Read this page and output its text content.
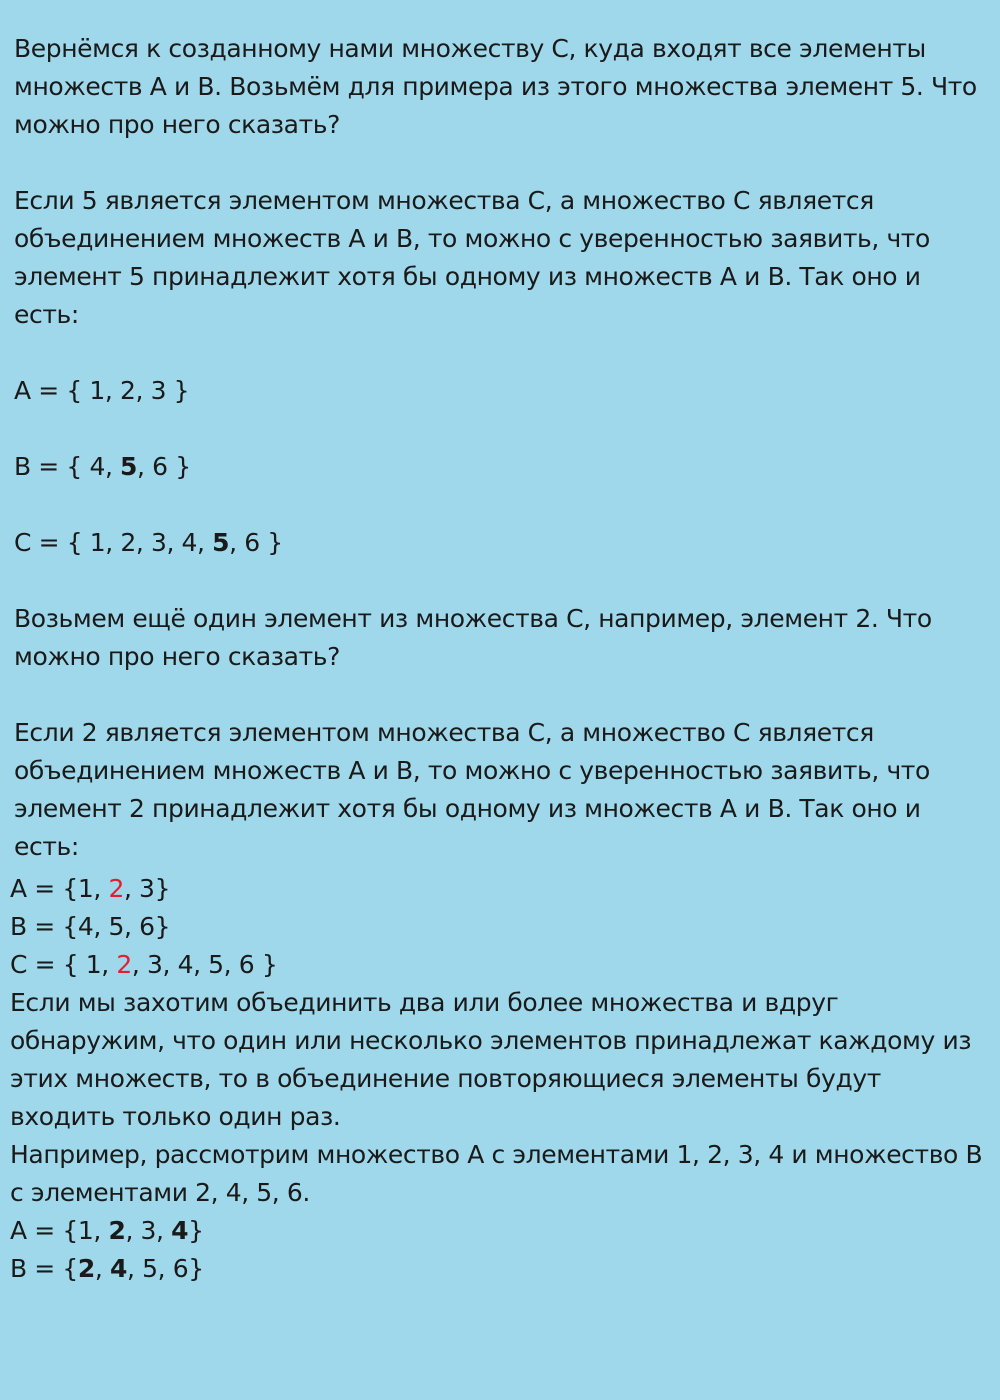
Вернёмся к созданному нами множеству С, куда входят все элементы множеств А и В. Возьмём для примера из этого множества элемент 5. Что можно про него сказать?

Если 5 является элементом множества С, а множество С является объединением множеств А и В, то можно с уверенностью заявить, что элемент 5 принадлежит хотя бы одному из множеств А и В. Так оно и есть:

А = { 1, 2, 3 }

В = { 4, 5, 6 }

С = { 1, 2, 3, 4, 5, 6 }

Возьмем ещё один элемент из множества С, например, элемент 2. Что можно про него сказать?

Если 2 является элементом множества С, а множество С является объединением множеств А и В, то можно с уверенностью заявить, что элемент 2 принадлежит хотя бы одному из множеств А и В. Так оно и есть:

А = {1, 2, 3}

В = {4, 5, 6}

С = { 1, 2, 3, 4, 5, 6 }

Если мы захотим объединить два или более множества и вдруг обнаружим, что один или несколько элементов принадлежат каждому из этих множеств, то в объединение повторяющиеся элементы будут входить только один раз.

Например, рассмотрим множество А с элементами 1, 2, 3, 4 и множество В с элементами 2, 4, 5, 6.

А = {1, 2, 3, 4}

В = {2, 4, 5, 6}
